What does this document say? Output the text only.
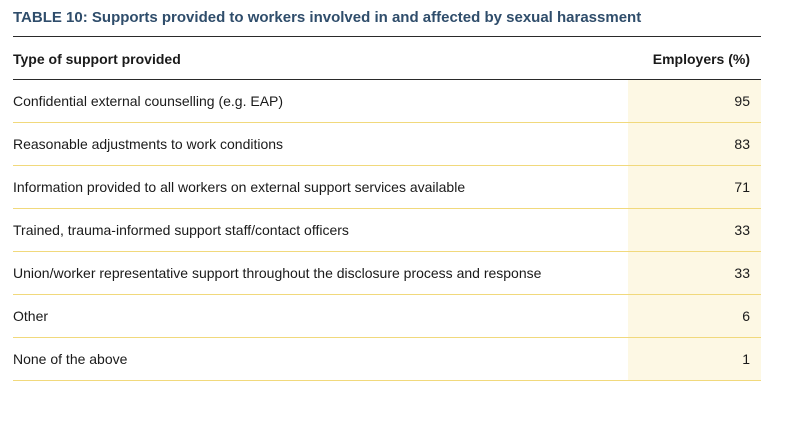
TABLE 10: Supports provided to workers involved in and affected by sexual harassment
Type of support provided	Employers (%)
Confidential external counselling (e.g. EAP)	95
Reasonable adjustments to work conditions	83
Information provided to all workers on external support services available	71
Trained, trauma-informed support staff/contact officers	33
Union/worker representative support throughout the disclosure process and response	33
Other	6
None of the above	1
